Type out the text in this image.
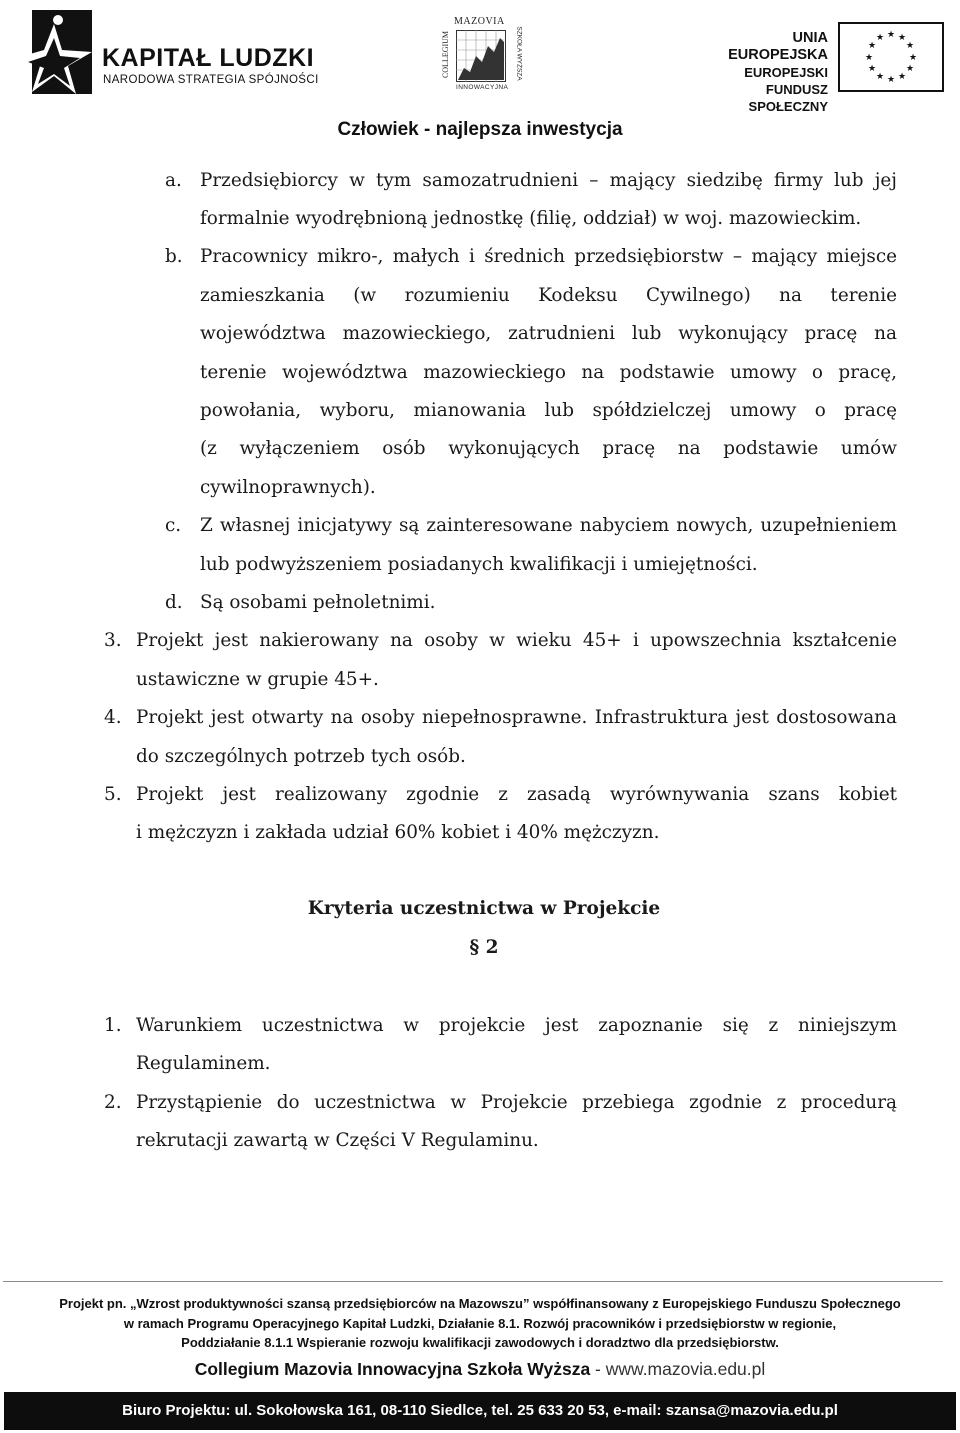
KAPITAŁ LUDZKI
NARODOWA STRATEGIA SPÓJNOŚCI
MAZOVIA
COLLEGIUM	SZKOŁA WYŻSZA
INNOWACYJNA
UNIA EUROPEJSKA
EUROPEJSKI
FUNDUSZ SPOŁECZNY
★ ★
★
★
★
★
★
★
★
★
★
★
Człowiek - najlepsza inwestycja
a. Przedsiębiorcy w tym samozatrudnieni – mający siedzibę firmy lub jej
formalnie wyodrębnioną jednostkę (filię, oddział) w woj. mazowieckim.
b. Pracownicy mikro-, małych i średnich przedsiębiorstw – mający miejsce
zamieszkania (w rozumieniu Kodeksu Cywilnego) na terenie
województwa mazowieckiego, zatrudnieni lub wykonujący pracę na
terenie województwa mazowieckiego na podstawie umowy o pracę,
powołania, wyboru, mianowania lub spółdzielczej umowy o pracę
(z wyłączeniem osób wykonujących pracę na podstawie umów
cywilnoprawnych).
c. Z własnej inicjatywy są zainteresowane nabyciem nowych, uzupełnieniem
lub podwyższeniem posiadanych kwalifikacji i umiejętności.
d. Są osobami pełnoletnimi.
3. Projekt jest nakierowany na osoby w wieku 45+ i upowszechnia kształcenie
ustawiczne w grupie 45+.
4. Projekt jest otwarty na osoby niepełnosprawne. Infrastruktura jest dostosowana
do szczególnych potrzeb tych osób.
5. Projekt jest realizowany zgodnie z zasadą wyrównywania szans kobiet
i mężczyzn i zakłada udział 60% kobiet i 40% mężczyzn.
Kryteria uczestnictwa w Projekcie
§ 2
1. Warunkiem uczestnictwa w projekcie jest zapoznanie się z niniejszym
Regulaminem.
2. Przystąpienie do uczestnictwa w Projekcie przebiega zgodnie z procedurą
rekrutacji zawartą w Części V Regulaminu.
Projekt pn. „Wzrost produktywności szansą przedsiębiorców na Mazowszu” współfinansowany z Europejskiego Funduszu Społecznego
w ramach Programu Operacyjnego Kapitał Ludzki, Działanie 8.1. Rozwój pracowników i przedsiębiorstw w regionie,
Poddziałanie 8.1.1 Wspieranie rozwoju kwalifikacji zawodowych i doradztwo dla przedsiębiorstw.
Collegium Mazovia Innowacyjna Szkoła Wyższa - www.mazovia.edu.pl
Biuro Projektu: ul. Sokołowska 161, 08-110 Siedlce, tel. 25 633 20 53, e-mail: szansa@mazovia.edu.pl
